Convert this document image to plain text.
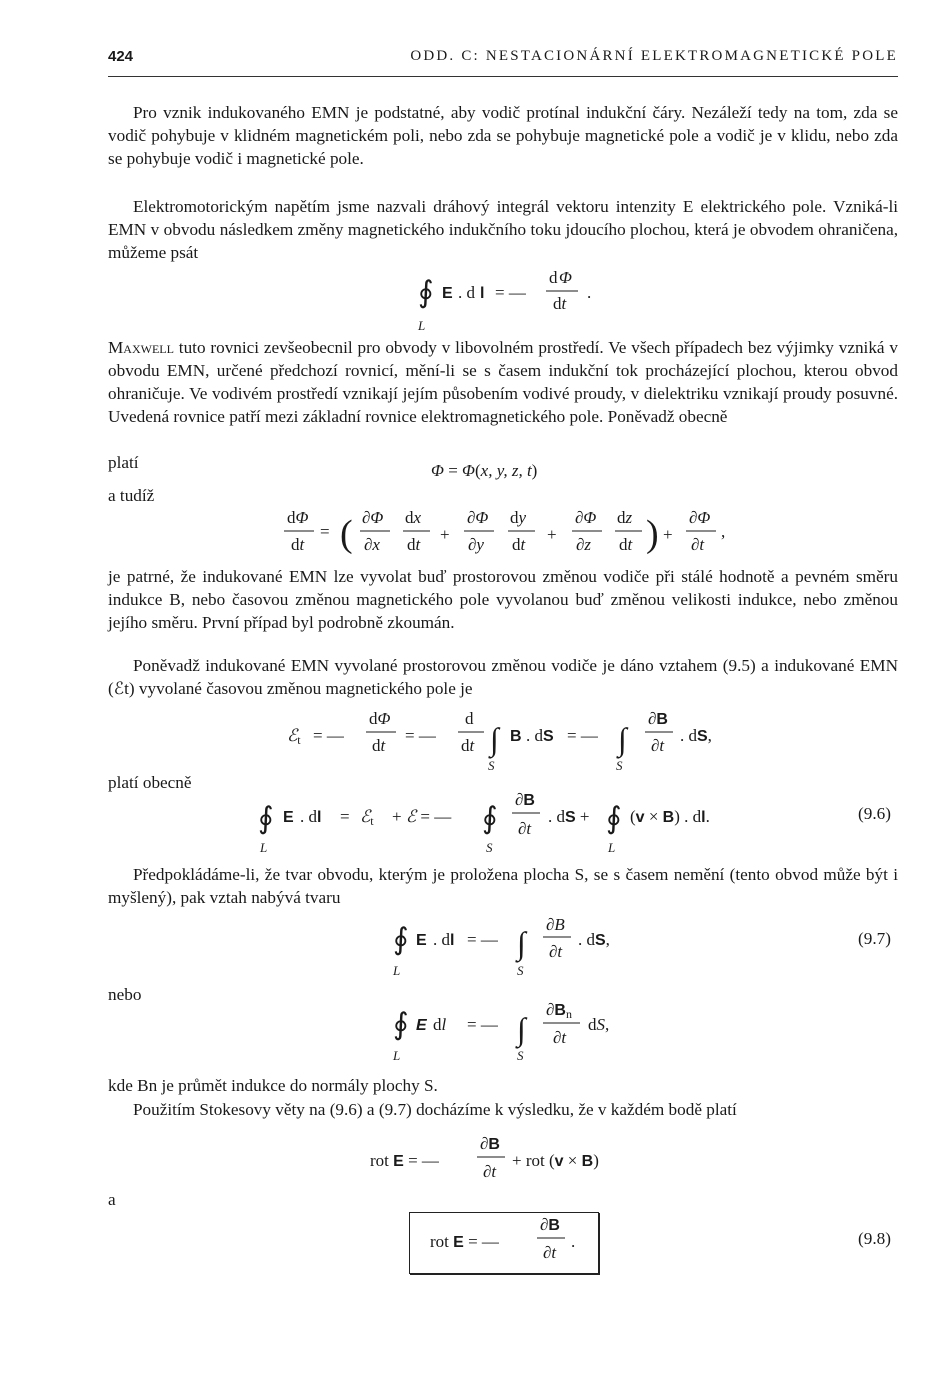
424	ODD. C: NESTACIONÁRNÍ ELEKTROMAGNETICKÉ POLE
Pro vznik indukovaného EMN je podstatné, aby vodič protínal indukční čáry. Nezáleží tedy na tom, zda se vodič pohybuje v klidném magnetickém poli, nebo zda se pohybuje magnetické pole a vodič je v klidu, nebo zda se pohybuje vodič i magnetické pole.
Elektromotorickým napětím jsme nazvali dráhový integrál vektoru intenzity E elektrického pole. Vzniká-li EMN v obvodu následkem změny magnetického indukčního toku jdoucího plochou, která je obvodem ohraničena, můžeme psát
Maxwell tuto rovnici zevšeobecnil pro obvody v libovolném prostředí. Ve všech případech bez výjimky vzniká v obvodu EMN, určené předchozí rovnicí, mění-li se s časem indukční tok procházející plochou, kterou obvod ohraničuje. Ve vodivém prostředí vznikají jejím působením vodivé proudy, v dielektriku vznikají proudy posuvné. Uvedená rovnice patří mezi základní rovnice elektromagnetického pole. Poněvadž obecně
platí
a tudíž
je patrné, že indukované EMN lze vyvolat buď prostorovou změnou vodiče při stálé hodnotě a pevném směru indukce B, nebo časovou změnou magnetického pole vyvolanou buď změnou velikosti indukce, nebo změnou jejího směru. První případ byl podrobně zkoumán.
Poněvadž indukované EMN vyvolané prostorovou změnou vodiče je dáno vztahem (9.5) a indukované EMN (ℰt) vyvolané časovou změnou magnetického pole je
platí obecně
Předpokládáme-li, že tvar obvodu, kterým je proložena plocha S, se s časem nemění (tento obvod může být i myšlený), pak vztah nabývá tvaru
nebo
kde Bn je průmět indukce do normály plochy S.
Použitím Stokesovy věty na (9.6) a (9.7) docházíme k výsledku, že v každém bodě platí
a
∮
L
E . d l = —
d Φ
dt
.
Φ = Φ(x, y, z, t)
dΦ
dt
= ( ∂Φ
∂x
dx
dt
+
∂Φ
∂y
dy
dt
+
∂Φ
∂z
dz
dt ) +
∂Φ
∂t
,
ℰt = —
dΦ
dt
= —
d
dt ∫
S
B . dS = — ∫
S
∂B
∂t
. dS,
∮
L
E . dl = ℰt + ℰ = — ∮
S
∂B
∂t
. dS + ∮
L
(v × B) . dl.
∮
L
E . dl = — ∫
S
∂B
∂t
. dS,
∮
L
E dl = — ∫
S
∂Bn
∂t
dS,
rot E = —
∂B
∂t
+ rot (v × B)
rot E = —
∂B
∂t
.
(9.6)
(9.7)
(9.8)
